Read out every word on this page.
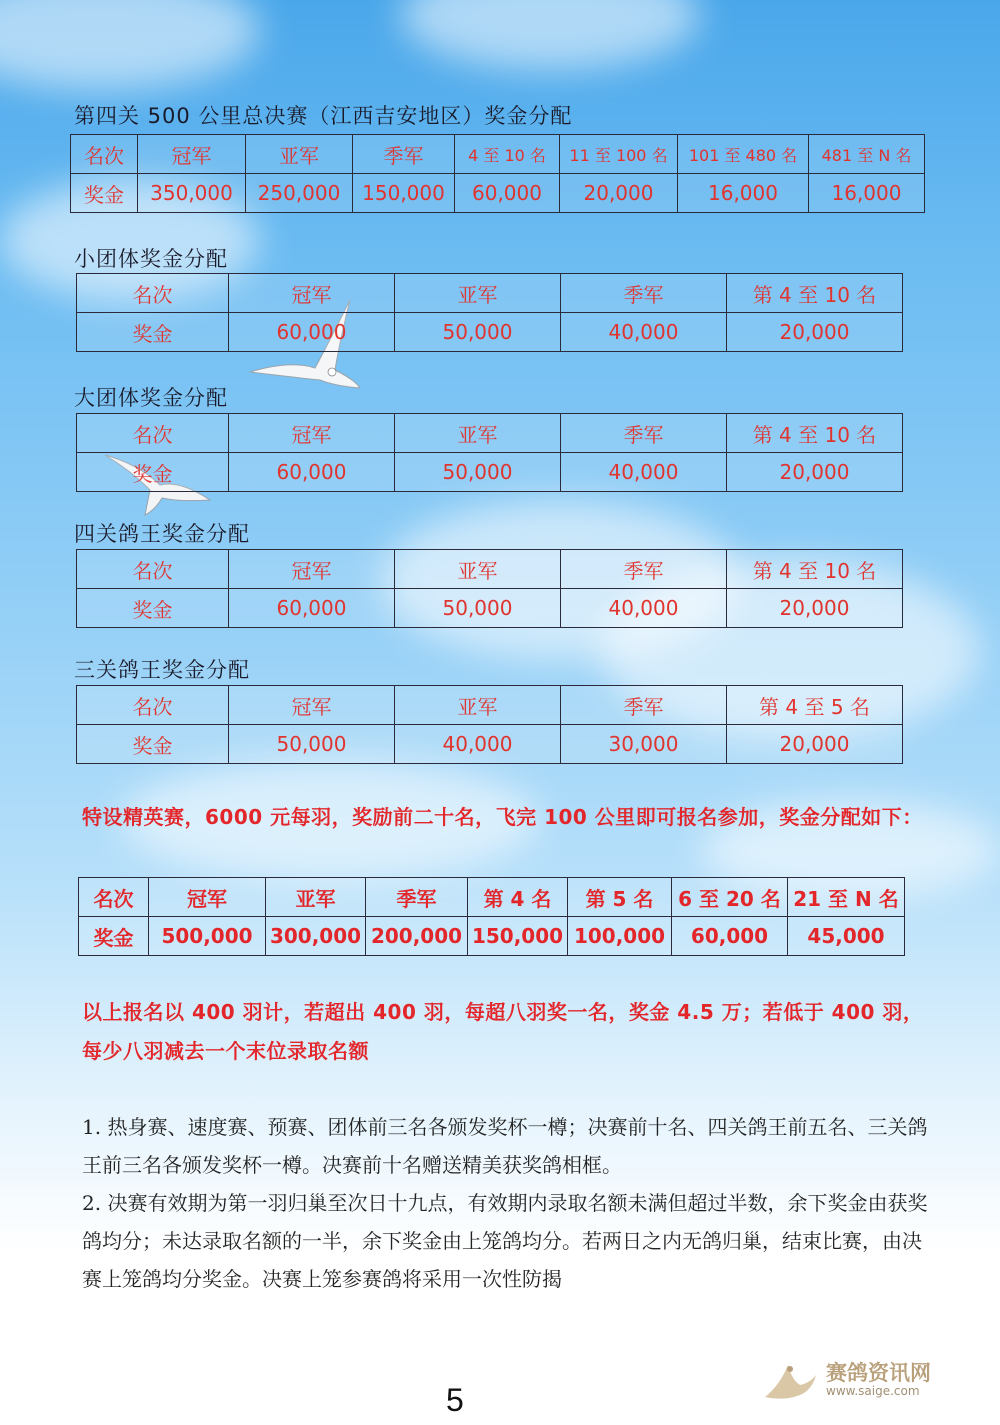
第四关 500 公里总决赛（江西吉安地区）奖金分配
名次	冠军	亚军	季军	4 至 10 名	11 至 100 名	101 至 480 名	481 至 N 名
奖金	350,000	250,000	150,000	60,000	20,000	16,000	16,000
小团体奖金分配
名次	冠军	亚军	季军	第 4 至 10 名
奖金	60,000	50,000	40,000	20,000
大团体奖金分配
名次	冠军	亚军	季军	第 4 至 10 名
奖金	60,000	50,000	40,000	20,000
四关鸽王奖金分配
名次	冠军	亚军	季军	第 4 至 10 名
奖金	60,000	50,000	40,000	20,000
三关鸽王奖金分配
名次	冠军	亚军	季军	第 4 至 5 名
奖金	50,000	40,000	30,000	20,000
特设精英赛，6000 元每羽，奖励前二十名，飞完 100 公里即可报名参加，奖金分配如下：
名次	冠军	亚军	季军	第 4 名	第 5 名	6 至 20 名	21 至 N 名
奖金	500,000	300,000	200,000	150,000	100,000	60,000	45,000
以上报名以 400 羽计，若超出 400 羽，每超八羽奖一名，奖金 4.5 万；若低于 400 羽，每少八羽减去一个末位录取名额

1. 热身赛、速度赛、预赛、团体前三名各颁发奖杯一樽；决赛前十名、四关鸽王前五名、三关鸽王前三名各颁发奖杯一樽。决赛前十名赠送精美获奖鸽相框。

2. 决赛有效期为第一羽归巢至次日十九点，有效期内录取名额未满但超过半数，余下奖金由获奖鸽均分；未达录取名额的一半，余下奖金由上笼鸽均分。若两日之内无鸽归巢，结束比赛，由决赛上笼鸽均分奖金。决赛上笼参赛鸽将采用一次性防揭

赛鸽资讯网
www.saige.com
5
